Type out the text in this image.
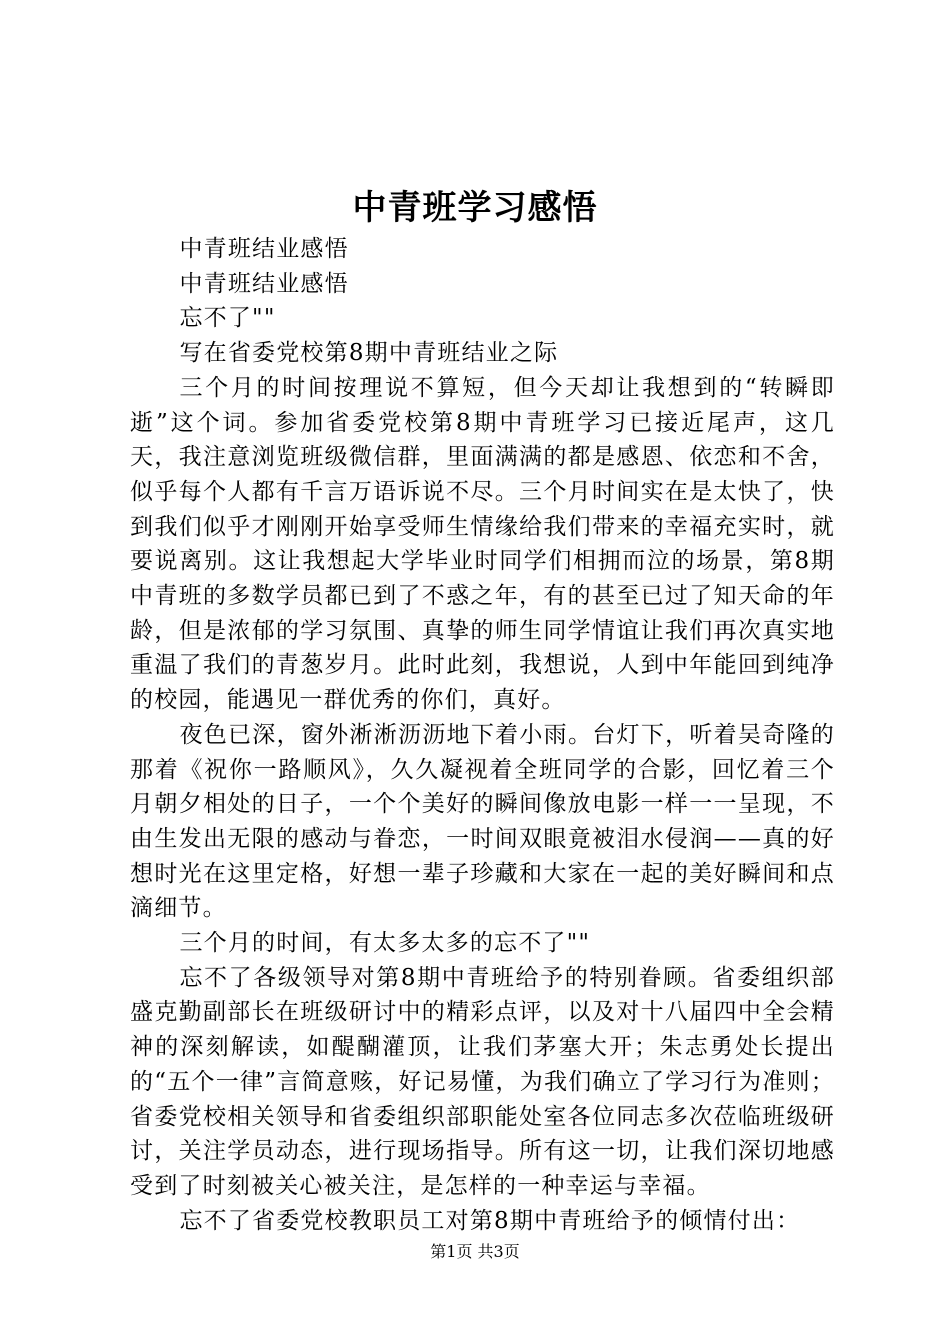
中青班学习感悟

中青班结业感悟

中青班结业感悟

忘不了""

写在省委党校第8期中青班结业之际

三个月的时间按理说不算短，但今天却让我想到的“转瞬即逝”这个词。参加省委党校第8期中青班学习已接近尾声，这几天，我注意浏览班级微信群，里面满满的都是感恩、依恋和不舍，似乎每个人都有千言万语诉说不尽。三个月时间实在是太快了，快到我们似乎才刚刚开始享受师生情缘给我们带来的幸福充实时，就要说离别。这让我想起大学毕业时同学们相拥而泣的场景，第8期中青班的多数学员都已到了不惑之年，有的甚至已过了知天命的年龄，但是浓郁的学习氛围、真挚的师生同学情谊让我们再次真实地重温了我们的青葱岁月。此时此刻，我想说，人到中年能回到纯净的校园，能遇见一群优秀的你们，真好。

夜色已深，窗外淅淅沥沥地下着小雨。台灯下，听着吴奇隆的那着《祝你一路顺风》，久久凝视着全班同学的合影，回忆着三个月朝夕相处的日子，一个个美好的瞬间像放电影一样一一呈现，不由生发出无限的感动与眷恋，一时间双眼竟被泪水侵润——真的好想时光在这里定格，好想一辈子珍藏和大家在一起的美好瞬间和点滴细节。

三个月的时间，有太多太多的忘不了""

忘不了各级领导对第8期中青班给予的特别眷顾。省委组织部盛克勤副部长在班级研讨中的精彩点评，以及对十八届四中全会精神的深刻解读，如醍醐灌顶，让我们茅塞大开；朱志勇处长提出的“五个一律”言简意赅，好记易懂，为我们确立了学习行为准则；省委党校相关领导和省委组织部职能处室各位同志多次莅临班级研讨，关注学员动态，进行现场指导。所有这一切，让我们深切地感受到了时刻被关心被关注，是怎样的一种幸运与幸福。

忘不了省委党校教职员工对第8期中青班给予的倾情付出：

第1页 共3页
